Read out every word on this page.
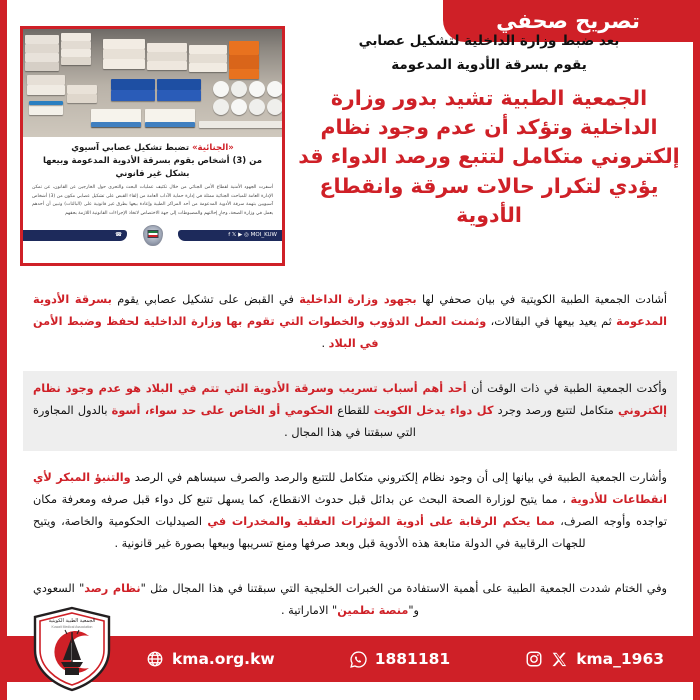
تصريح صحفي
«الجنائية» تضبط تشكيل عصابي آسيوي
من (3) أشخاص يقوم بسرقة الأدوية المدعومة وبيعها
بشكل غير قانوني
أسفرت الجهود الأمنية لقطاع الأمن الجنائي من خلال تكثيف عمليات البحث والتحري حول الخارجين عن القانون، عن تمكن الإدارة العامة للمباحث الجنائية ممثلة في إدارة حماية الآداب العامة من إلقاء القبض على تشكيل عصابي مكون من (3) أشخاص آسيويين بتهمة سرقة الأدوية المدعومة من أحد المراكز الطبية وإعادة بيعها بطرق غير قانونية على (البالتات) وتبين أن أحدهم يعمل في وزارة الصحة، وجارٍ إحالتهم والمضبوطات إلى جهة الاختصاص لاتخاذ الإجراءات القانونية اللازمة بحقهم
f 𝕏 ▶ ◎ MOI_KUW
☎
112
بعد ضبط وزارة الداخلية لتشكيل عصابي
يقوم بسرقة الأدوية المدعومة
الجمعية الطبية تشيد بدور وزارة
الداخلية وتؤكد أن عدم وجود نظام
إلكتروني متكامل لتتبع ورصد الدواء قد
يؤدي لتكرار حالات سرقة وانقطاع الأدوية
أشادت الجمعية الطبية الكويتية في بيان صحفي لها بجهود وزارة الداخلية في القبض على تشكيل عصابي يقوم بسرقة الأدوية المدعومة ثم يعيد بيعها في البقالات، وثمنت العمل الدؤوب والخطوات التي تقوم بها وزارة الداخلية لحفظ وضبط الأمن في البلاد .
وأكدت الجمعية الطبية في ذات الوقت أن أحد أهم أسباب تسريب وسرقة الأدوية التي تتم في البلاد هو عدم وجود نظام إلكتروني متكامل لتتبع ورصد وجرد كل دواء يدخل الكويت للقطاع الحكومي أو الخاص على حد سواء، أسوة بالدول المجاورة التي سبقتنا في هذا المجال .
وأشارت الجمعية الطبية في بيانها إلى أن وجود نظام إلكتروني متكامل للتتبع والرصد والصرف سيساهم في الرصد والتنبؤ المبكر لأي انقطاعات للأدوية ، مما يتيح لوزارة الصحة البحث عن بدائل قبل حدوث الانقطاع، كما يسهل تتبع كل دواء قبل صرفه ومعرفة مكان تواجده وأوجه الصرف، مما يحكم الرقابة على أدوية المؤثرات العقلية والمخدرات في الصيدليات الحكومية والخاصة، ويتيح للجهات الرقابية في الدولة متابعة هذه الأدوية قبل وبعد صرفها ومنع تسريبها وبيعها بصورة غير قانونية .
وفي الختام شددت الجمعية الطبية على أهمية الاستفادة من الخبرات الخليجية التي سبقتنا في هذا المجال مثل "نظام رصد" السعودي و"منصة تطمين" الاماراتية .
kma.org.kw	1881181	kma_1963
الجمعية الطبية الكويتية
Kuwait Medical Association
